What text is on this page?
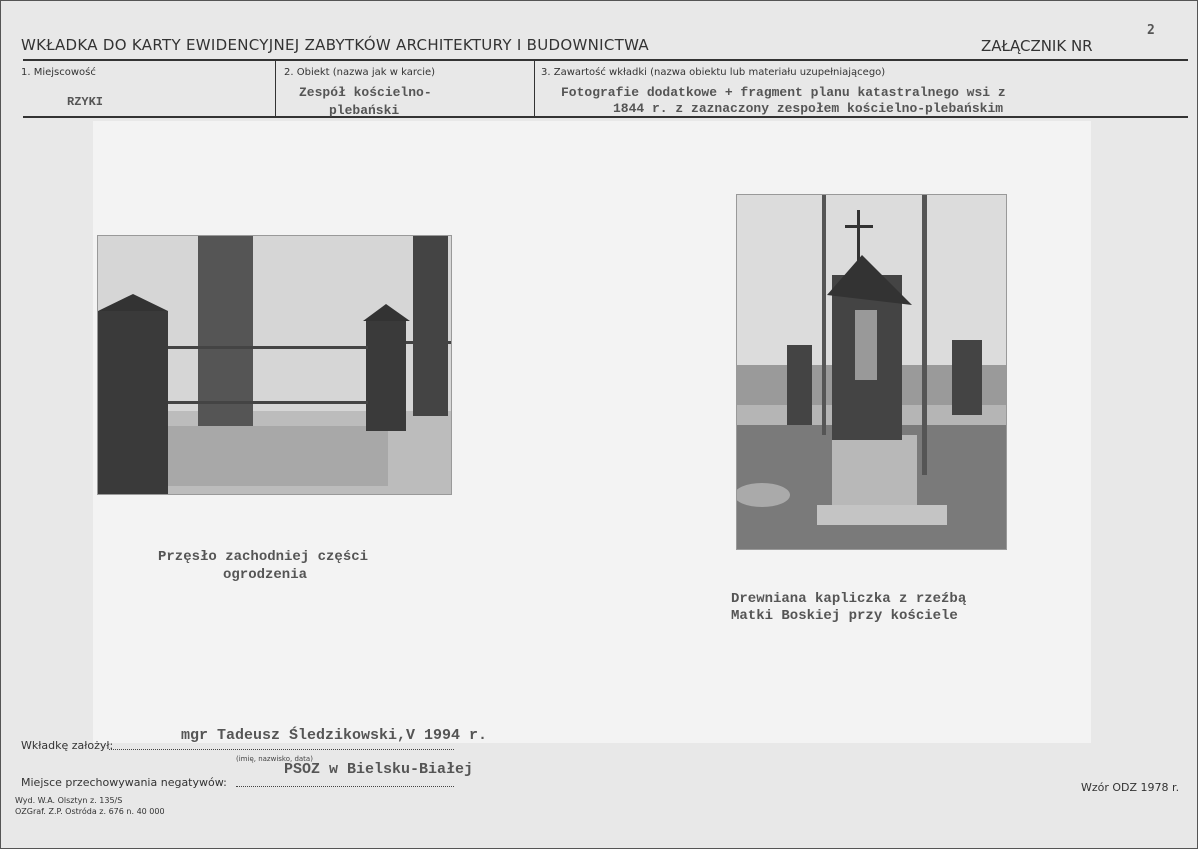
WKŁADKA DO KARTY EWIDENCYJNEJ ZABYTKÓW ARCHITEKTURY I BUDOWNICTWA	ZAŁĄCZNIK NR
2
1. Miejscowość
RZYKI
2. Obiekt (nazwa jak w karcie)
Zespół kościelno-
plebański
3. Zawartość wkładki (nazwa obiektu lub materiału uzupełniającego)
Fotografie dodatkowe + fragment planu katastralnego wsi z
1844 r. z zaznaczony zespołem kościelno-plebańskim
Przęsło zachodniej części
ogrodzenia
Drewniana kapliczka z rzeźbą
Matki Boskiej przy kościele
Wkładkę założył:
mgr Tadeusz Śledzikowski,V 1994 r.
(imię, nazwisko, data)
Miejsce przechowywania negatywów:
PSOZ w Bielsku-Białej
Wyd. W.A. Olsztyn z. 135/S
OZGraf. Z.P. Ostróda z. 676 n. 40 000
Wzór ODZ 1978 r.
